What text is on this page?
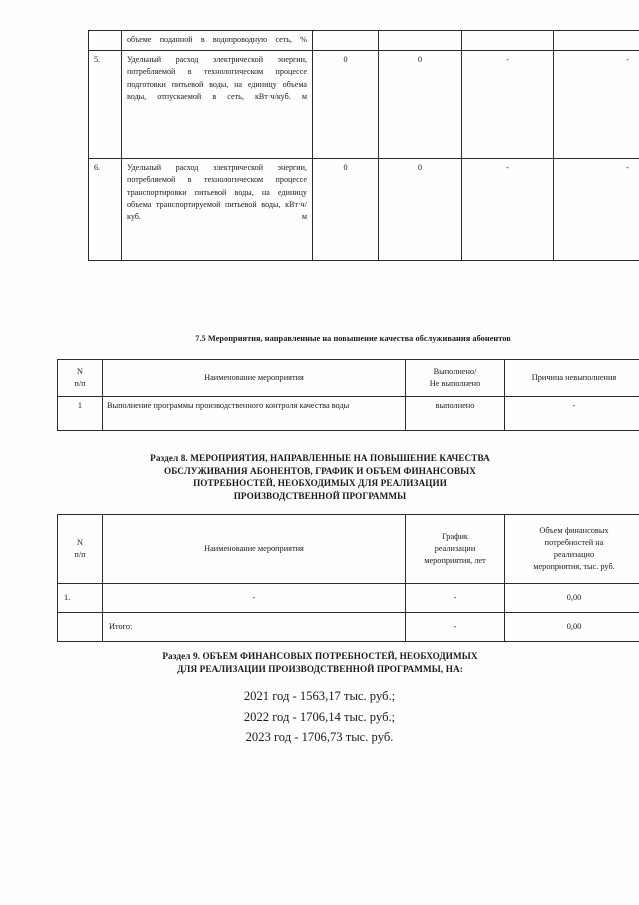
	объеме поданной в водопроводную сеть, %				
5.	Удельный расход электрической энергии, потребляемой в технологическом процессе подготовки питьевой воды, на единицу объема воды, отпускаемой в сеть, кВт·ч/куб. м	0	0	-	-
6.	Удельный расход электрической энергии, потребляемой в технологическом процессе транспортировки питьевой воды, на единицу объема транспортируемой питьевой воды, кВт·ч/куб. м	0	0	-	-
7.5 Мероприятия, направленные на повышение качества обслуживания абонентов
N
п/п
	Наименование мероприятия	
Выполнено/
Не выполнено
	Причина невыполнения
1	Выполнение программы производственного контроля качества воды	выполнено	-
Раздел 8. МЕРОПРИЯТИЯ, НАПРАВЛЕННЫЕ НА ПОВЫШЕНИЕ КАЧЕСТВА
ОБСЛУЖИВАНИЯ АБОНЕНТОВ, ГРАФИК И ОБЪЕМ ФИНАНСОВЫХ
ПОТРЕБНОСТЕЙ, НЕОБХОДИМЫХ ДЛЯ РЕАЛИЗАЦИИ
ПРОИЗВОДСТВЕННОЙ ПРОГРАММЫ
N
п/п
	Наименование мероприятия	
График
реализации
мероприятия, лет

Объем финансовых
потребностей на
реализацио
мероприятия, тыс. руб.

1.	-	-	0,00
	Итого:	-	0,00
Раздел 9. ОБЪЕМ ФИНАНСОВЫХ ПОТРЕБНОСТЕЙ, НЕОБХОДИМЫХ
ДЛЯ РЕАЛИЗАЦИИ ПРОИЗВОДСТВЕННОЙ ПРОГРАММЫ, НА:
2021 год - 1563,17 тыс. руб.;
2022 год - 1706,14 тыс. руб.;
2023 год - 1706,73 тыс. руб.
